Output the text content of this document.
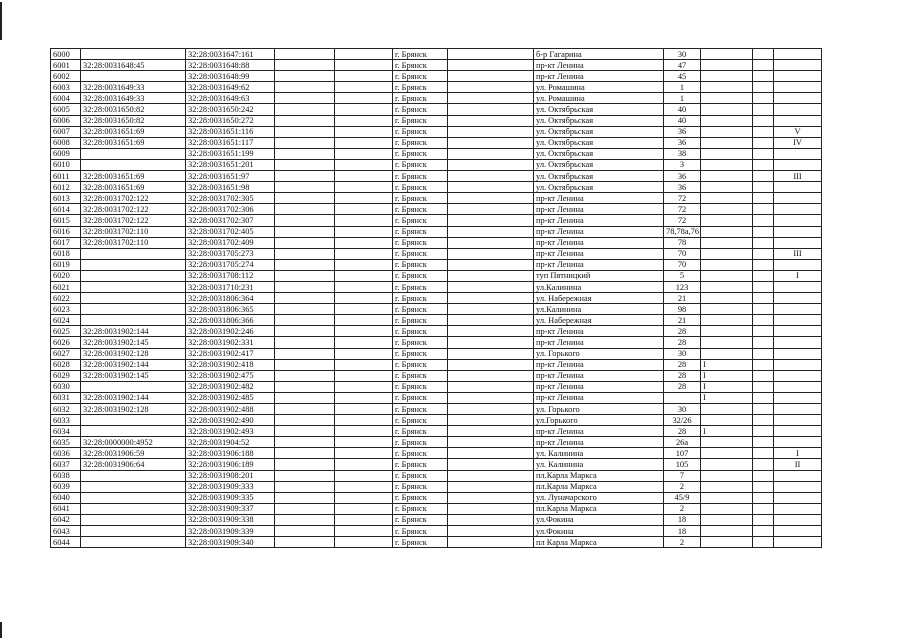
6000		32:28:0031647:161			г. Брянск		б-р Гагарина	30			
6001	32:28:0031648:45	32:28:0031648:88			г. Брянск		пр-кт Ленина	47			
6002		32:28:0031648:99			г. Брянск		пр-кт Ленина	45			
6003	32:28:0031649:33	32:28:0031649:62			г. Брянск		ул. Ромашина	1			
6004	32:28:0031649:33	32:28:0031649:63			г. Брянск		ул. Ромашина	1			
6005	32:28:0031650:82	32:28:0031650:242			г. Брянск		ул. Октябрьская	40			
6006	32:28:0031650:82	32:28:0031650:272			г. Брянск		ул. Октябрьская	40			
6007	32:28:0031651:69	32:28:0031651:116			г. Брянск		ул. Октябрьская	36			V
6008	32:28:0031651:69	32:28:0031651:117			г. Брянск		ул. Октябрьская	36			IV
6009		32:28:0031651:199			г. Брянск		ул. Октябрьская	38			
6010		32:28:0031651:201			г. Брянск		ул. Октябрьская	3			
6011	32:28:0031651:69	32:28:0031651:97			г. Брянск		ул. Октябрьская	36			III
6012	32:28:0031651:69	32:28:0031651:98			г. Брянск		ул. Октябрьская	36			
6013	32:28:0031702:122	32:28:0031702:305			г. Брянск		пр-кт Ленина	72			
6014	32:28:0031702:122	32:28:0031702:306			г. Брянск		пр-кт Ленина	72			
6015	32:28:0031702:122	32:28:0031702:307			г. Брянск		пр-кт Ленина	72			
6016	32:28:0031702:110	32:28:0031702:405			г. Брянск		пр-кт Ленина	78,78а,76			
6017	32:28:0031702:110	32:28:0031702:409			г. Брянск		пр-кт Ленина	78			
6018		32:28:0031705:273			г. Брянск		пр-кт Ленина	70			III
6019		32:28:0031705:274			г. Брянск		пр-кт Ленина	70			
6020		32:28:0031708:112			г. Брянск		туп Пятницкий	5			I
6021		32:28:0031710:231			г. Брянск		ул.Калинина	123			
6022		32:28:0031806:364			г. Брянск		ул. Набережная	21			
6023		32:28:0031806:365			г. Брянск		ул.Калинина	98			
6024		32:28:0031806:366			г. Брянск		ул. Набережная	21			
6025	32:28:0031902:144	32:28:0031902:246			г. Брянск		пр-кт Ленина	28			
6026	32:28:0031902:145	32:28:0031902:331			г. Брянск		пр-кт Ленина	28			
6027	32:28:0031902:128	32:28:0031902:417			г. Брянск		ул. Горького	30			
6028	32:28:0031902:144	32:28:0031902:418			г. Брянск		пр-кт Ленина	28	I		
6029	32:28:0031902:145	32:28:0031902:475			г. Брянск		пр-кт Ленина	28	I		
6030		32:28:0031902:482			г. Брянск		пр-кт Ленина	28	I		
6031	32:28:0031902:144	32:28:0031902:485			г. Брянск		пр-кт Ленина		I		
6032	32:28:0031902:128	32:28:0031902:488			г. Брянск		ул. Горького	30			
6033		32:28:0031902:490			г. Брянск		ул.Горького	32/26			
6034		32:28:0031902:493			г. Брянск		пр-кт Ленина	28	I		
6035	32:28:0000000:4952	32:28:0031904:52			г. Брянск		пр-кт Ленина	26а			
6036	32:28:0031906:59	32:28:0031906:188			г. Брянск		ул. Калинина	107			I
6037	32:28:0031906:64	32:28:0031906:189			г. Брянск		ул. Калинина	105			II
6038		32:28:0031908:201			г. Брянск		пл.Карла Маркса	7			
6039		32:28:0031909:333			г. Брянск		пл.Карла Маркса	2			
6040		32:28:0031909:335			г. Брянск		ул. Луначарского	45/9			
6041		32:28:0031909:337			г. Брянск		пл.Карла Маркса	2			
6042		32:28:0031909:338			г. Брянск		ул.Фокина	18			
6043		32:28:0031909:339			г. Брянск		ул.Фокина	18			
6044		32:28:0031909:340			г. Брянск		пл Карла Маркса	2			
